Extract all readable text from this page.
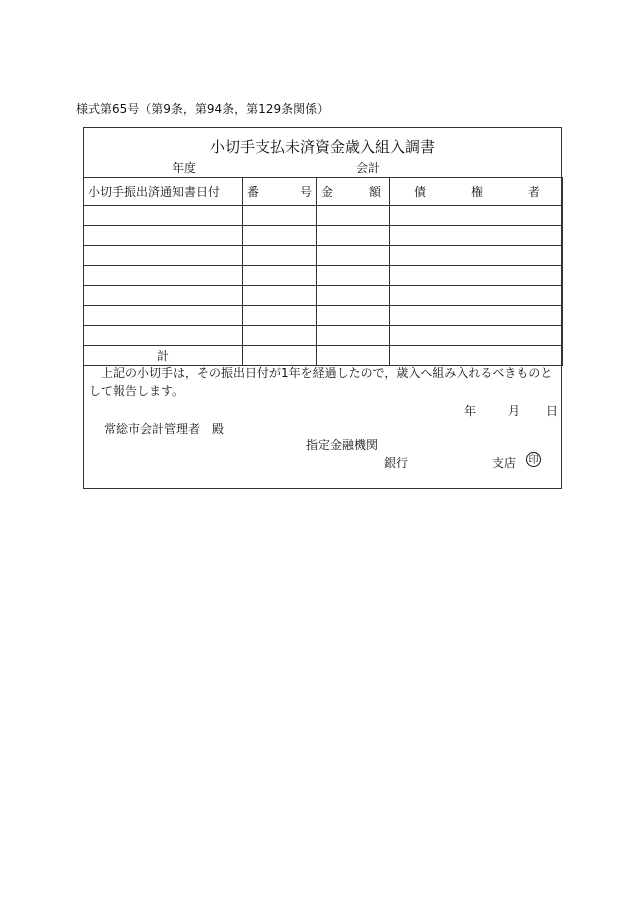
様式第65号（第9条，第94条，第129条関係）
小切手支払未済資金歳入組入調書
年度	会計
小切手振出済通知書日付	番 号	金 額	債 権 者

計			
上記の小切手は，その振出日付が1年を経過したので，歳入へ組み入れるべきものとして報告します。
年	月 日
常総市会計管理者　殿
指定金融機関
銀行	支店 印
